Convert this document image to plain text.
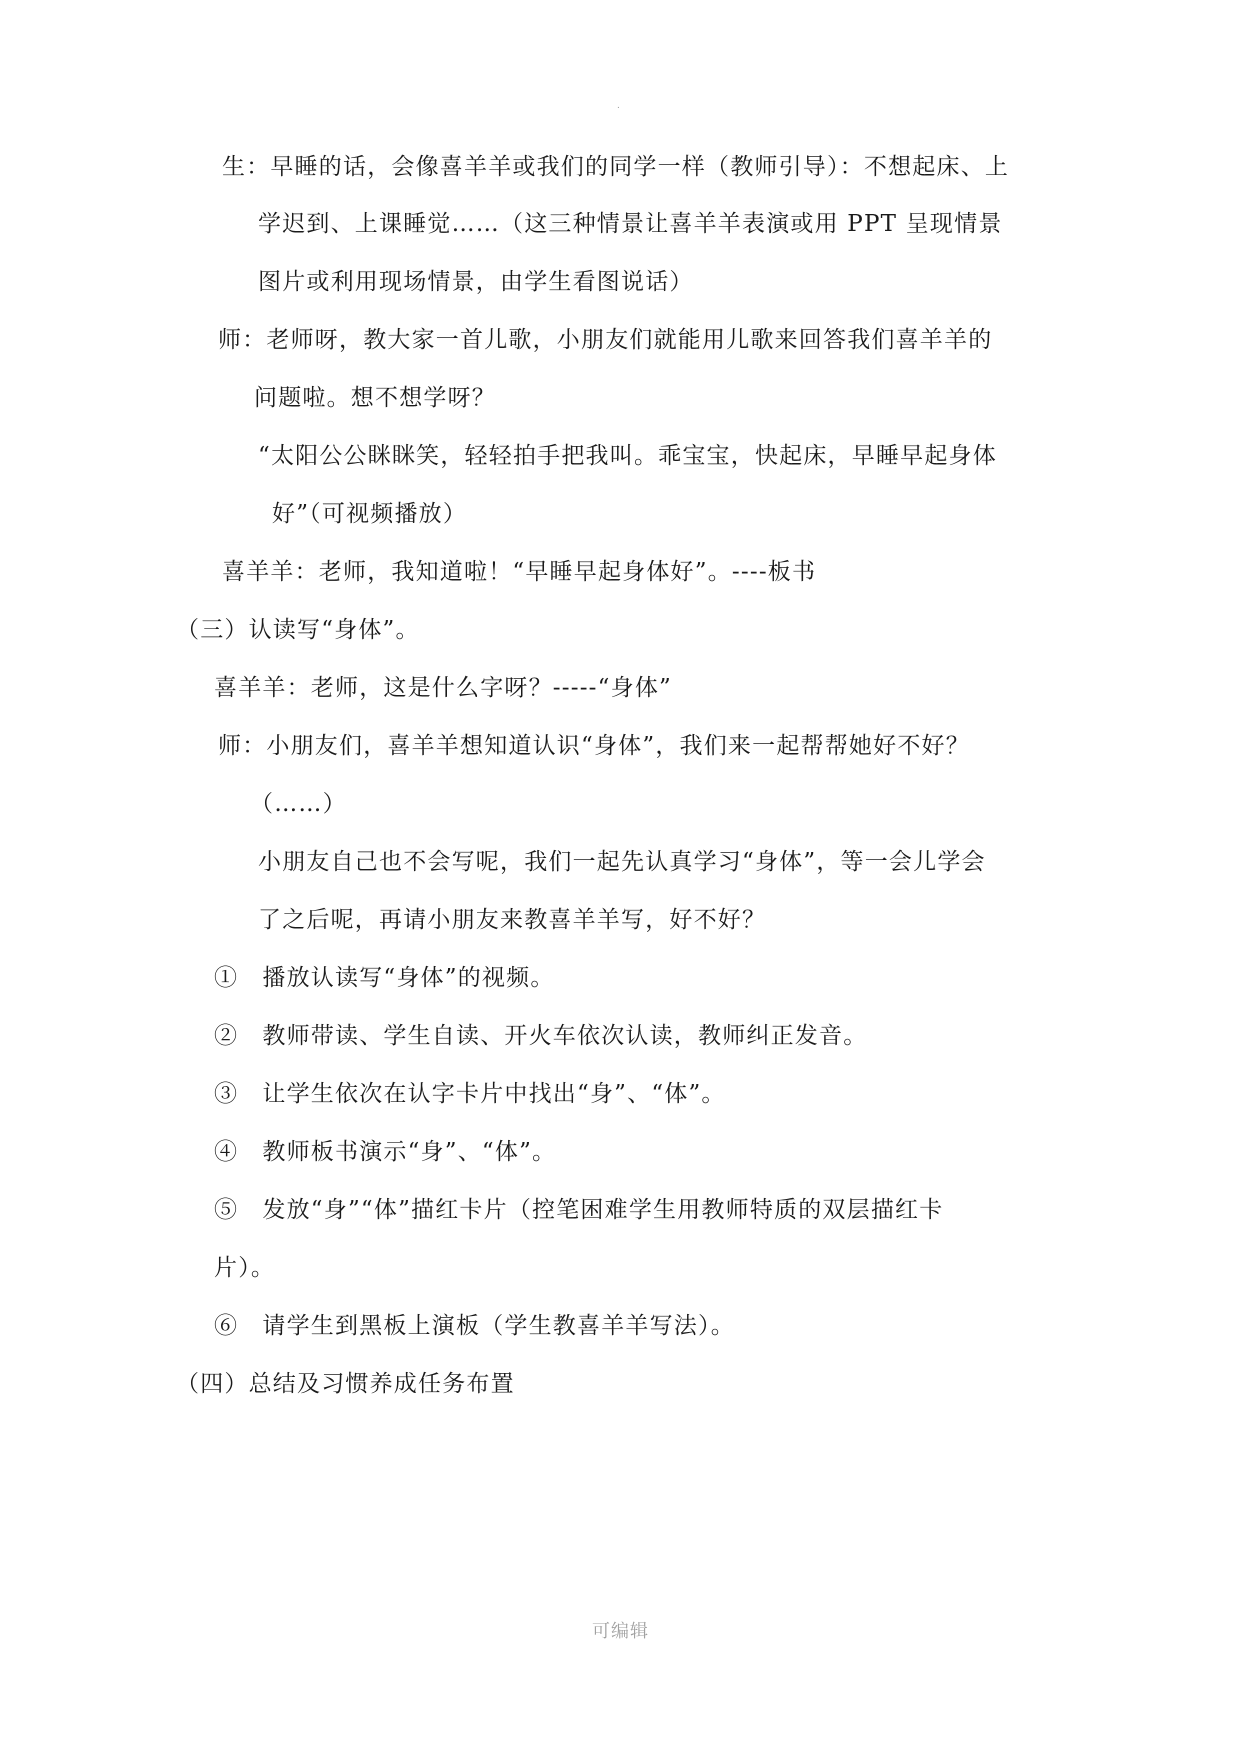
.
生：早睡的话，会像喜羊羊或我们的同学一样（教师引导）：不想起床、上
学迟到、上课睡觉……（这三种情景让喜羊羊表演或用 PPT 呈现情景
图片或利用现场情景，由学生看图说话）
师：老师呀，教大家一首儿歌，小朋友们就能用儿歌来回答我们喜羊羊的
问题啦。想不想学呀？
“太阳公公眯眯笑，轻轻拍手把我叫。乖宝宝，快起床，早睡早起身体
好”（可视频播放）
喜羊羊：老师，我知道啦！“早睡早起身体好”。----板书
（三）认读写“身体”。
喜羊羊：老师，这是什么字呀？-----“身体”
师：小朋友们，喜羊羊想知道认识“身体”，我们来一起帮帮她好不好？
（……）
小朋友自己也不会写呢，我们一起先认真学习“身体”，等一会儿学会
了之后呢，再请小朋友来教喜羊羊写，好不好？
①　播放认读写“身体”的视频。
②　教师带读、学生自读、开火车依次认读，教师纠正发音。
③　让学生依次在认字卡片中找出“身”、“体”。
④　教师板书演示“身”、“体”。
⑤　发放“身”“体”描红卡片（控笔困难学生用教师特质的双层描红卡
片）。
⑥　请学生到黑板上演板（学生教喜羊羊写法）。
（四）总结及习惯养成任务布置
可编辑
